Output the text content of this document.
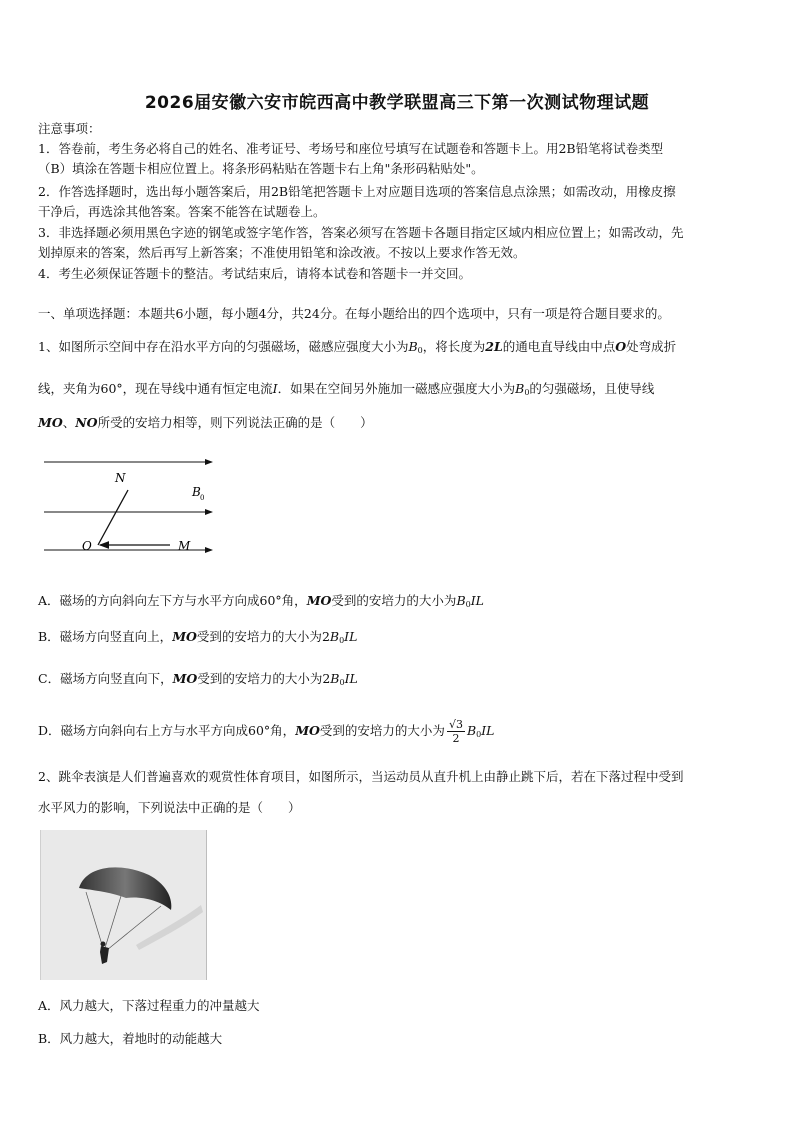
2026届安徽六安市皖西高中教学联盟高三下第一次测试物理试题
注意事项：
1．答卷前，考生务必将自己的姓名、准考证号、考场号和座位号填写在试题卷和答题卡上。用2B铅笔将试卷类型
（B）填涂在答题卡相应位置上。将条形码粘贴在答题卡右上角"条形码粘贴处"。
2．作答选择题时，选出每小题答案后，用2B铅笔把答题卡上对应题目选项的答案信息点涂黑；如需改动，用橡皮擦
干净后，再选涂其他答案。答案不能答在试题卷上。
3．非选择题必须用黑色字迹的钢笔或签字笔作答，答案必须写在答题卡各题目指定区域内相应位置上；如需改动，先
划掉原来的答案，然后再写上新答案；不准使用铅笔和涂改液。不按以上要求作答无效。
4．考生必须保证答题卡的整洁。考试结束后，请将本试卷和答题卡一并交回。
一、单项选择题：本题共6小题，每小题4分，共24分。在每小题给出的四个选项中，只有一项是符合题目要求的。
1、如图所示空间中存在沿水平方向的匀强磁场，磁感应强度大小为$B_0$，将长度为2L的通电直导线由中点O处弯成折
线，夹角为60°，现在导线中通有恒定电流I．如果在空间另外施加一磁感应强度大小为$B_0$的匀强磁场，且使导线
MO、NO所受的安培力相等，则下列说法正确的是（　　）
N
B 0
O	M
A．磁场的方向斜向左下方与水平方向成60°角，MO受到的安培力的大小为$B_0IL$
B．磁场方向竖直向上，MO受到的安培力的大小为$2B_0IL$
C．磁场方向竖直向下，MO受到的安培力的大小为$2B_0IL$
D．磁场方向斜向右上方与水平方向成60°角，MO受到的安培力的大小为 $\frac{√3}{2} B_0IL$
2、跳伞表演是人们普遍喜欢的观赏性体育项目，如图所示，当运动员从直升机上由静止跳下后，若在下落过程中受到
水平风力的影响，下列说法中正确的是（　　）
A．风力越大，下落过程重力的冲量越大
B．风力越大，着地时的动能越大
